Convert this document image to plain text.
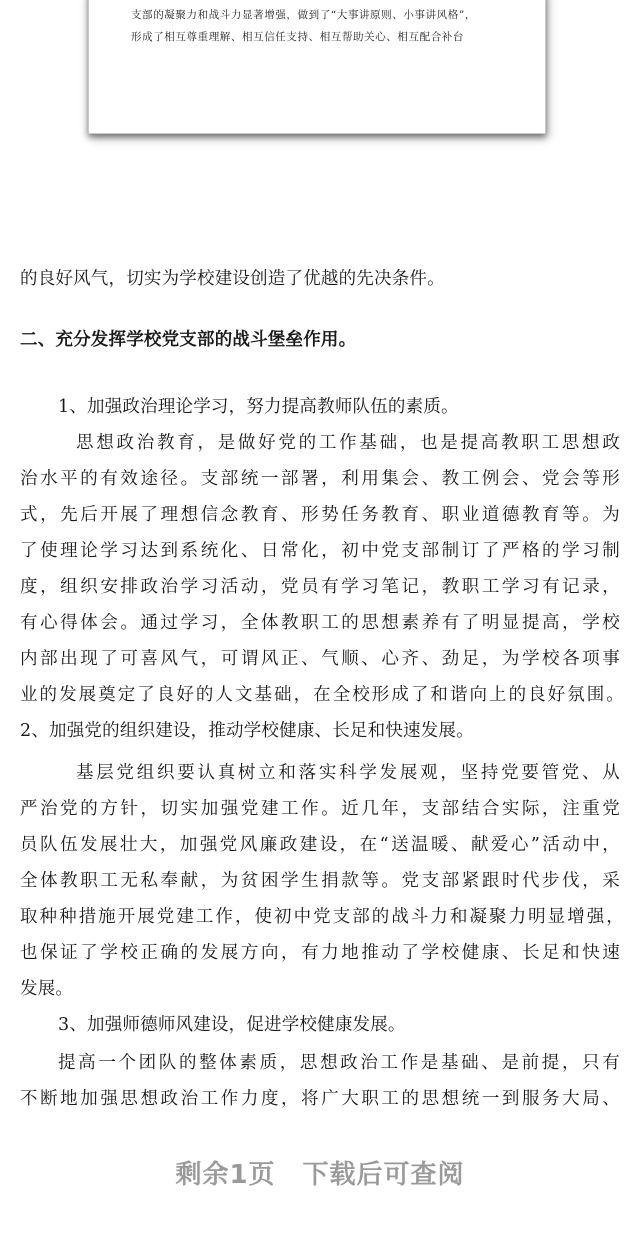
支部的凝聚力和战斗力显著增强，做到了“大事讲原则、小事讲风格”，
形成了相互尊重理解、相互信任支持、相互帮助关心、相互配合补台
的良好风气，切实为学校建设创造了优越的先决条件。
二、充分发挥学校党支部的战斗堡垒作用。
1、加强政治理论学习，努力提高教师队伍的素质。
思想政治教育，是做好党的工作基础，也是提高教职工思想政
治水平的有效途径。支部统一部署，利用集会、教工例会、党会等形
式，先后开展了理想信念教育、形势任务教育、职业道德教育等。为
了使理论学习达到系统化、日常化，初中党支部制订了严格的学习制
度，组织安排政治学习活动，党员有学习笔记，教职工学习有记录，
有心得体会。通过学习，全体教职工的思想素养有了明显提高，学校
内部出现了可喜风气，可谓风正、气顺、心齐、劲足，为学校各项事
业的发展奠定了良好的人文基础，在全校形成了和谐向上的良好氛围。
2、加强党的组织建设，推动学校健康、长足和快速发展。
基层党组织要认真树立和落实科学发展观，坚持党要管党、从
严治党的方针，切实加强党建工作。近几年，支部结合实际，注重党
员队伍发展壮大，加强党风廉政建设，在“送温暖、献爱心”活动中，
全体教职工无私奉献，为贫困学生捐款等。党支部紧跟时代步伐，采
取种种措施开展党建工作，使初中党支部的战斗力和凝聚力明显增强，
也保证了学校正确的发展方向，有力地推动了学校健康、长足和快速
发展。
3、加强师德师风建设，促进学校健康发展。
提高一个团队的整体素质，思想政治工作是基础、是前提，只有
不断地加强思想政治工作力度，将广大职工的思想统一到服务大局、
剩余1页　下载后可查阅
